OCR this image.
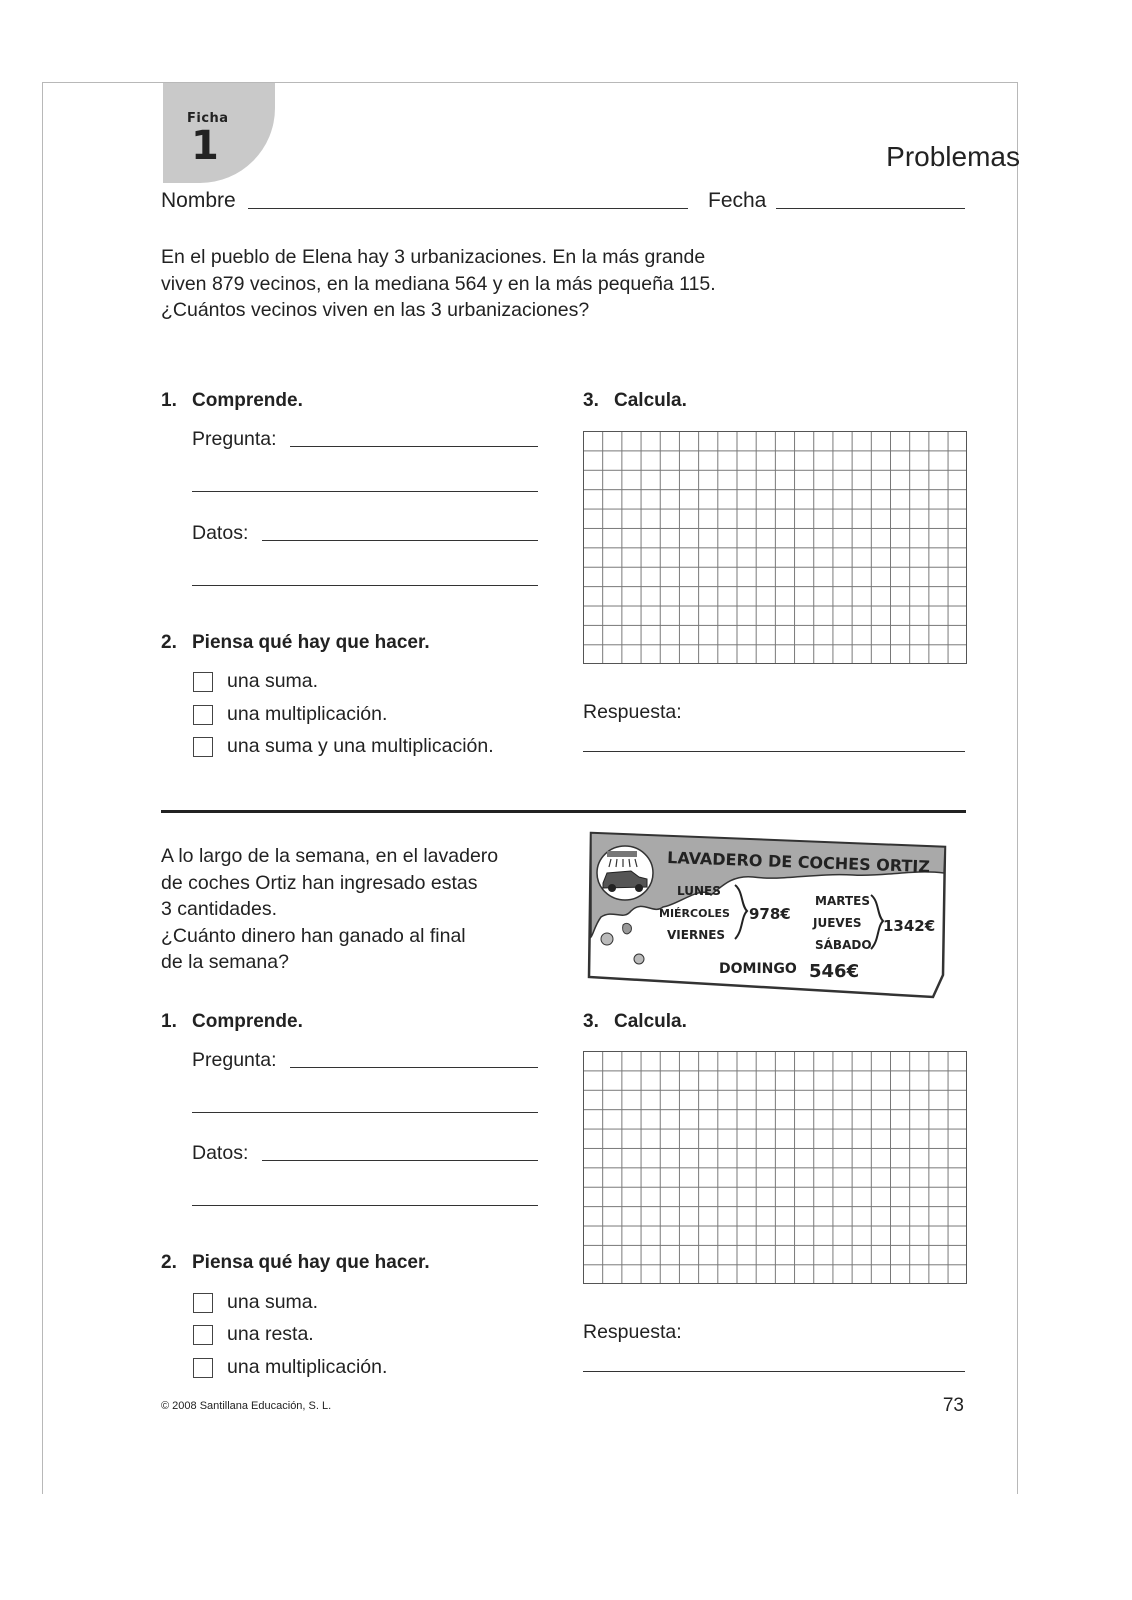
Ficha
1	Problemas
Nombre	Fecha
En el pueblo de Elena hay 3 urbanizaciones. En la más grande
viven 879 vecinos, en la mediana 564 y en la más pequeña 115.
¿Cuántos vecinos viven en las 3 urbanizaciones?
1. Comprende.
Pregunta:
Datos:
2. Piensa qué hay que hacer.
una suma.
una multiplicación.
una suma y una multiplicación.
3. Calcula.
Respuesta:
A lo largo de la semana, en el lavadero
de coches Ortiz han ingresado estas
3 cantidades.
¿Cuánto dinero han ganado al final
de la semana?
LAVADERO DE COCHES ORTIZ
LUNES
MIÉRCOLES
VIERNES
978€
MARTES
JUEVES
SÁBADO
1342€
DOMINGO 546€
1. Comprende.
Pregunta:
Datos:
2. Piensa qué hay que hacer.
una suma.
una resta.
una multiplicación.
3. Calcula.
Respuesta:
© 2008 Santillana Educación, S. L.	73
